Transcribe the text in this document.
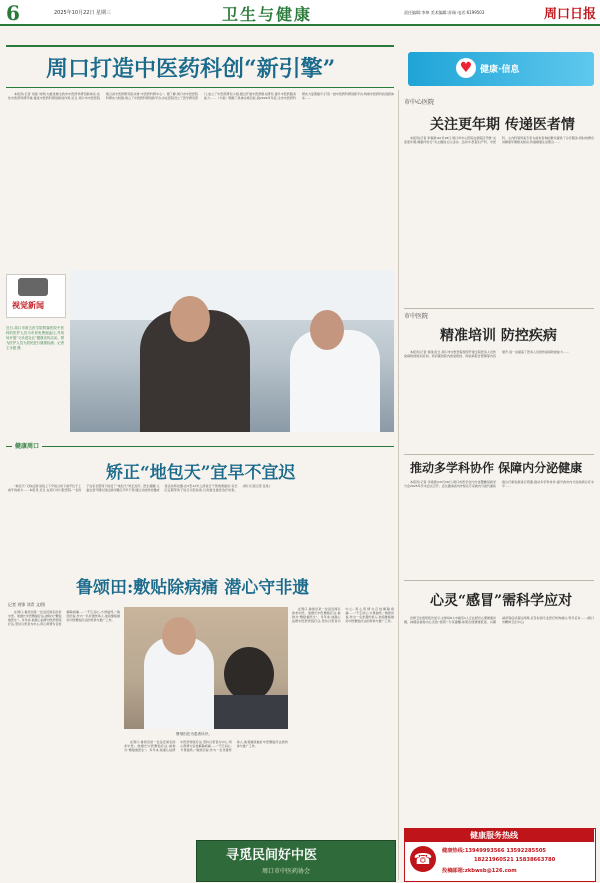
6	2025年10月22日 星期三	卫生与健康	责任编辑:李坤 美术编辑:苏瑞 电话:6199503	周口日报
周口打造中医药科创“新引擎”	♥ 健康·信息

本报讯(记者 刘锋 刘青)为推进健全我市中医药科研创新体系,优化中医药科研环境,推进中医药科研创新的作用,近日,周口市中医医院联合省中医药研究院共建“中医药科研中心”。据了解,周口市中医医院科研实力较强,建立了中医药科研创新平台,并在医院设立了医学研究部门,成立了中医药研究小组,通过开展中医药相关研究,提升中医药服务能力……《方案》明确了具体实施目标,到2026年年底,全市中医药科研实力显著提升,打造一批中医药科研创新平台,构建中医药科技创新体系……

视觉新闻
近日,周口市第五医学院附属医院中医科的医护人员为市民免费测血压,并现场开展“义诊进社区”健康宣传活动。图为医护人员为居民进行健康检测。记者 王永强 摄
健康周口
矫正“地包天”宜早不宜迟

“地包天”又称反颌,是指上下牙咬合时下前牙位于上前牙的前方……本报讯 近日,在周口市口腔医院,一名孩子在家长陪同下接受了“地包天”矫正治疗。医生提醒,儿童在替牙期出现反颌问题应尽早干预,通过功能矫治器或者活动矫治器,在3至12岁之间进行干预效果最好,家长应定期带孩子进行口腔检查,以免错过最佳治疗时机。(周口日报记者 张泉)

鲁颂田:敷贴除病痛 潜心守非遗
记者 刘锋 刘青 文/图

在周口,鲁颂田是一位远近闻名的老中医。他擅长中医敷贴疗法,被称为“敷贴鲁医生”。多年来,他潜心钻研中医药传统疗法,坚持以患者为中心,用心用情为百姓解除病痛……“不忘初心,方得始终。”鲁颂田说,作为一名非遗传承人,他将继续做好中医敷贴疗法的传承与推广工作。

鲁颂田在为患者诊疗。

在周口,鲁颂田是一位远近闻名的老中医。他擅长中医敷贴疗法,被称为“敷贴鲁医生”。多年来,他潜心钻研中医药传统疗法,坚持以患者为中心,用心用情为百姓解除病痛……“不忘初心,方得始终。”鲁颂田说,作为一名非遗传承人,他将继续做好中医敷贴疗法的传承与推广工作。

在周口,鲁颂田是一位远近闻名的老中医。他擅长中医敷贴疗法,被称为“敷贴鲁医生”。多年来,他潜心钻研中医药传统疗法,坚持以患者为中心,用心用情为百姓解除病痛……“不忘初心,方得始终。”鲁颂田说,作为一名非遗传承人,他将继续做好中医敷贴疗法的传承与推广工作。

寻觅民间好中医
周口市中医药协会
市中心医院
关注更年期 传递医者情

本报讯(记者 李春游)10月18日,周口市中心医院在新院区开展“关爱更年期,健康伴你行”为主题的义诊活动。活动中,医院妇产科、中医科、心内科等科室专家为前来咨询的群众提供了诊疗服务,同时向群众讲解更年期相关知识,传递健康生活理念……

市中医院
精准培训 防控疾病

本报讯(记者 刘锋)近日,周口市中医医院组织开展全院医务人员传染病防控知识培训。培训围绕院内感染防控、传染病报告管理等内容展开,进一步提高了医务人员的传染病防控能力……

推动多学科协作 保障内分泌健康

本报讯(记者 李春游)10月18日,周口市医学会内分泌暨糖尿病学分会2025年学术会议召开。会议邀请省内外知名专家就内分泌代谢疾病诊疗新进展进行授课,推动多学科协作,提升我市内分泌疾病诊疗水平……

心灵“感冒”需科学应对

世界卫生组织报告显示,全球每8人中就有1人正在经历心理健康问题。抑郁症被称为心灵的“感冒”,专家提醒,如果出现情绪低落、兴趣减退等症状超过两周,应及时到专业医疗机构就诊,科学应对……(周口市精神卫生中心)

健康服务热线
☎	健康热线:13949993566 13592285505
18221960521 15838663780
投稿邮箱:zkbwsb@126.com
